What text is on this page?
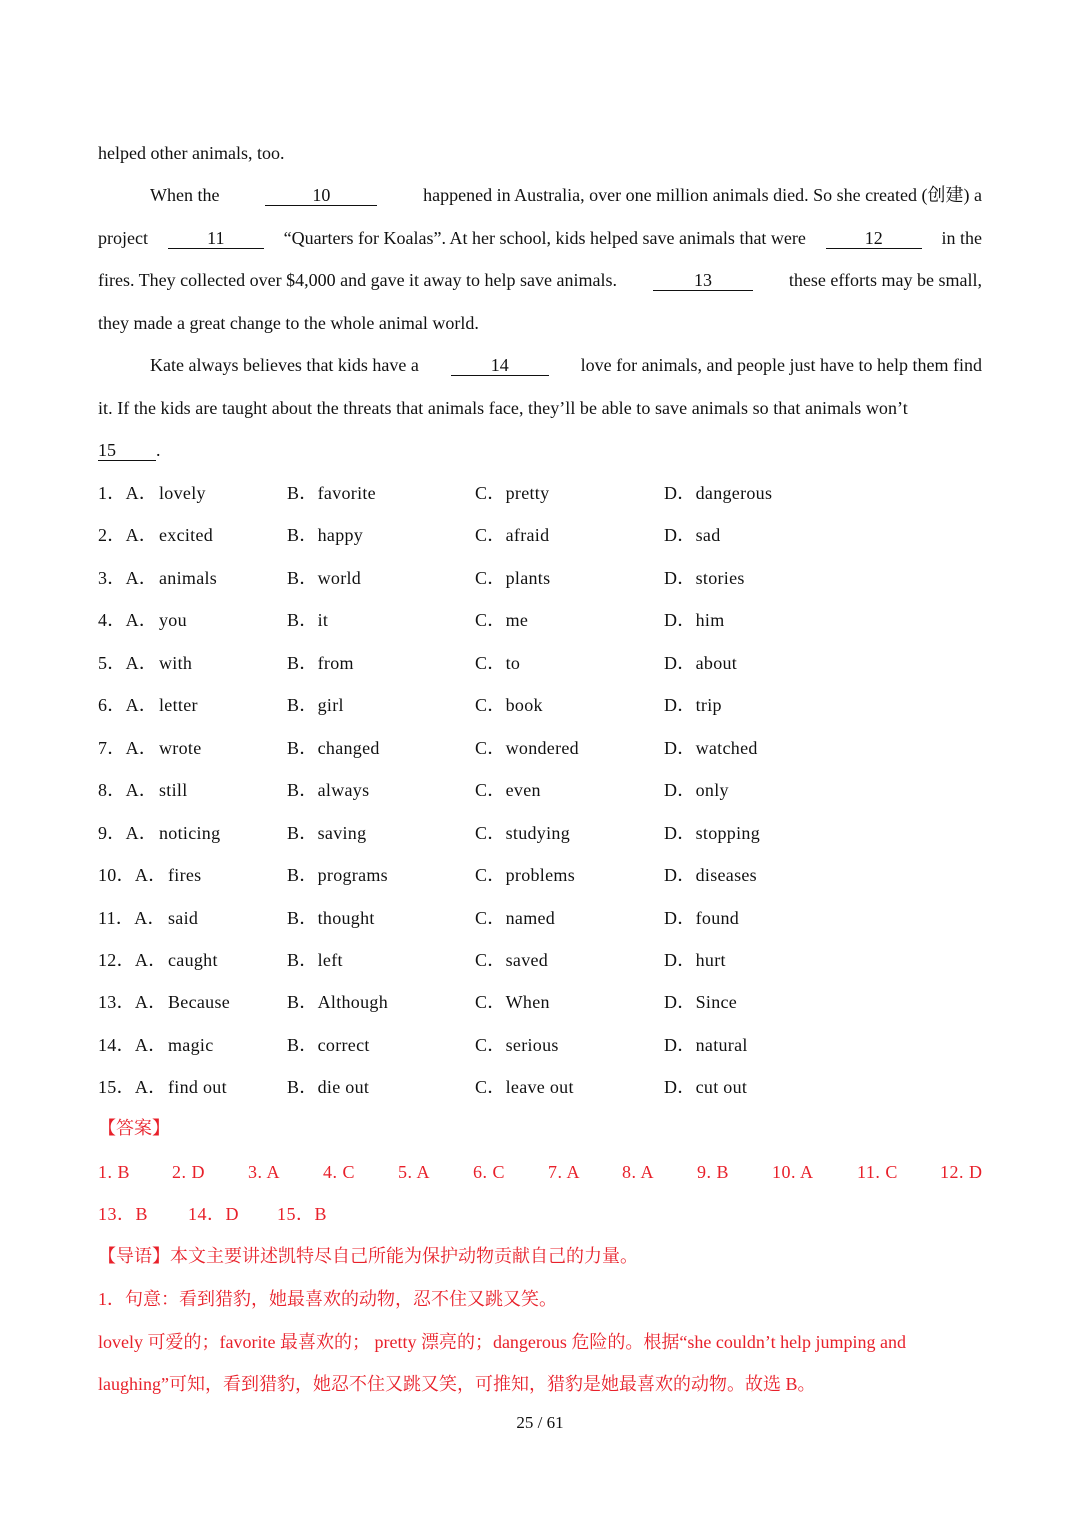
helped other animals, too.
When the	10	happened in Australia, over one million animals died. So she created (创建) a
project	11	“Quarters for Koalas”. At her school, kids helped save animals that were	12	in the
fires. They collected over $4,000 and gave it away to help save animals.	13	these efforts may be small,
they made a great change to the whole animal world.
Kate always believes that kids have a	14	love for animals, and people just have to help them find
it. If the kids are taught about the threats that animals face, they’ll be able to save animals so that animals won’t
15 .
1．A． lovely	B．favorite	C．pretty	D．dangerous
2．A． excited	B．happy	C．afraid	D．sad
3．A． animals	B．world	C．plants	D．stories
4．A． you	B．it	C．me	D．him
5．A． with	B．from	C．to	D．about
6．A． letter	B．girl	C．book	D．trip
7．A． wrote	B．changed	C．wondered	D．watched
8．A． still	B．always	C．even	D．only
9．A． noticing	B．saving	C．studying	D．stopping
10．A． fires	B．programs	C．problems	D．diseases
11．A． said	B．thought	C．named	D．found
12．A． caught	B．left	C．saved	D．hurt
13．A． Because	B．Although	C．When	D．Since
14．A． magic	B．correct	C．serious	D．natural
15．A． find out	B．die out	C．leave out	D．cut out
【答案】
1. B 2. D 3. A 4. C 5. A 6. C 7. A 8. A 9. B 10. A 11. C 12. D
13．B 14．D 15．B
【导语】本文主要讲述凯特尽自己所能为保护动物贡献自己的力量。
1．句意：看到猎豹，她最喜欢的动物，忍不住又跳又笑。
lovely 可爱的；favorite 最喜欢的； pretty 漂亮的；dangerous 危险的。根据“she couldn’t help jumping and
laughing”可知，看到猎豹，她忍不住又跳又笑，可推知，猎豹是她最喜欢的动物。故选 B。
25 / 61
